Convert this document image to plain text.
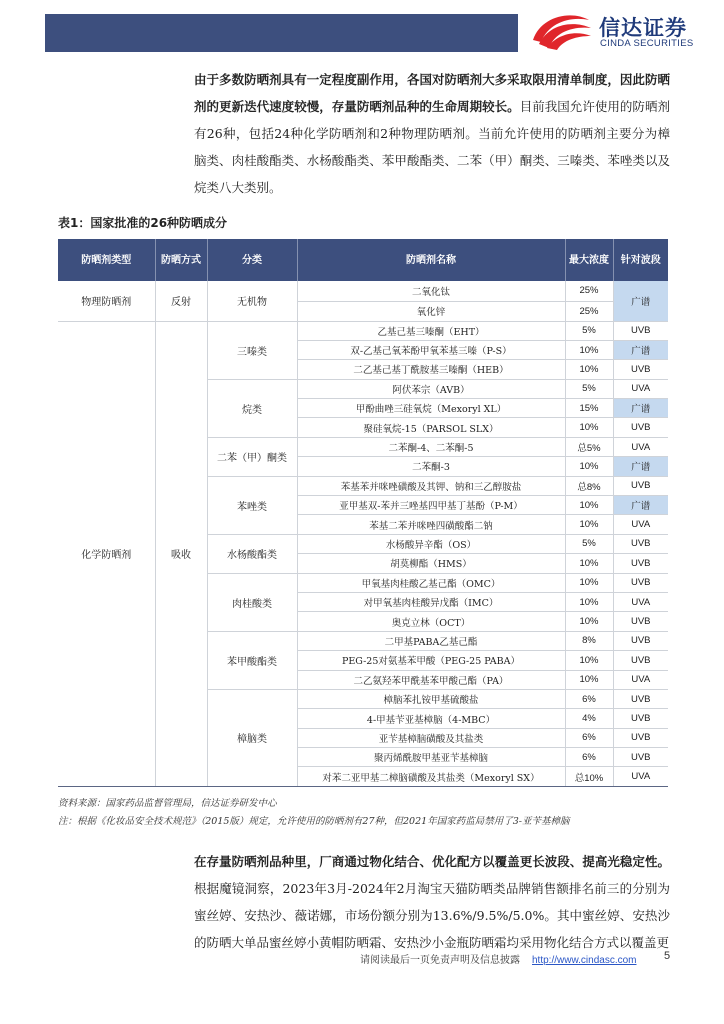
信达证券
CINDA SECURITIES
由于多数防晒剂具有一定程度副作用，各国对防晒剂大多采取限用清单制度，因此防晒剂的更新迭代速度较慢，存量防晒剂品种的生命周期较长。目前我国允许使用的防晒剂有26种，包括24种化学防晒剂和2种物理防晒剂。当前允许使用的防晒剂主要分为樟脑类、肉桂酸酯类、水杨酸酯类、苯甲酸酯类、二苯（甲）酮类、三嗪类、苯唑类以及烷类八大类别。
表1：国家批准的26种防晒成分
防晒剂类型	防晒方式	分类	防晒剂名称	最大浓度	针对波段
物理防晒剂	反射	无机物	二氧化钛	25%	广谱
			氧化锌	25%	
化学防晒剂	吸收	三嗪类	乙基己基三嗪酮（EHT）	5%	UVB
			双-乙基己氧苯酚甲氧苯基三嗪（P-S）	10%	广谱
			二乙基己基丁酰胺基三嗪酮（HEB）	10%	UVB
		烷类	阿伏苯宗（AVB）	5%	UVA
			甲酚曲唑三硅氧烷（Mexoryl XL）	15%	广谱
			聚硅氧烷-15（PARSOL SLX）	10%	UVB
		二苯（甲）酮类	二苯酮-4、二苯酮-5	总5%	UVA
			二苯酮-3	10%	广谱
		苯唑类	苯基苯并咪唑磺酸及其钾、钠和三乙醇胺盐	总8%	UVB
			亚甲基双-苯并三唑基四甲基丁基酚（P-M）	10%	广谱
			苯基二苯并咪唑四磺酸酯二钠	10%	UVA
		水杨酸酯类	水杨酸异辛酯（OS）	5%	UVB
			胡莫柳酯（HMS）	10%	UVB
		肉桂酸类	甲氧基肉桂酸乙基己酯（OMC）	10%	UVB
			对甲氧基肉桂酸异戊酯（IMC）	10%	UVA
			奥克立林（OCT）	10%	UVB
		苯甲酸酯类	二甲基PABA乙基己酯	8%	UVB
			PEG-25对氨基苯甲酸（PEG-25 PABA）	10%	UVB
			二乙氨羟苯甲酰基苯甲酸己酯（PA）	10%	UVA
		樟脑类	樟脑苯扎铵甲基硫酸盐	6%	UVB
			4-甲基苄亚基樟脑（4-MBC）	4%	UVB
			亚苄基樟脑磺酸及其盐类	6%	UVB
			聚丙烯酰胺甲基亚苄基樟脑	6%	UVB
			对苯二亚甲基二樟脑磺酸及其盐类（Mexoryl SX）	总10%	UVA
资料来源：国家药品监督管理局，信达证券研发中心
注：根据《化妆品安全技术规范》（2015版）规定，允许使用的防晒剂有27种，但2021年国家药监局禁用了3-亚苄基樟脑
在存量防晒剂品种里，厂商通过物化结合、优化配方以覆盖更长波段、提高光稳定性。根据魔镜洞察，2023年3月-2024年2月淘宝天猫防晒类品牌销售额排名前三的分别为蜜丝婷、安热沙、薇诺娜，市场份额分别为13.6%/9.5%/5.0%。其中蜜丝婷、安热沙的防晒大单品蜜丝婷小黄帽防晒霜、安热沙小金瓶防晒霜均采用物化结合方式以覆盖更
请阅读最后一页免责声明及信息披露 http://www.cindasc.com	5
